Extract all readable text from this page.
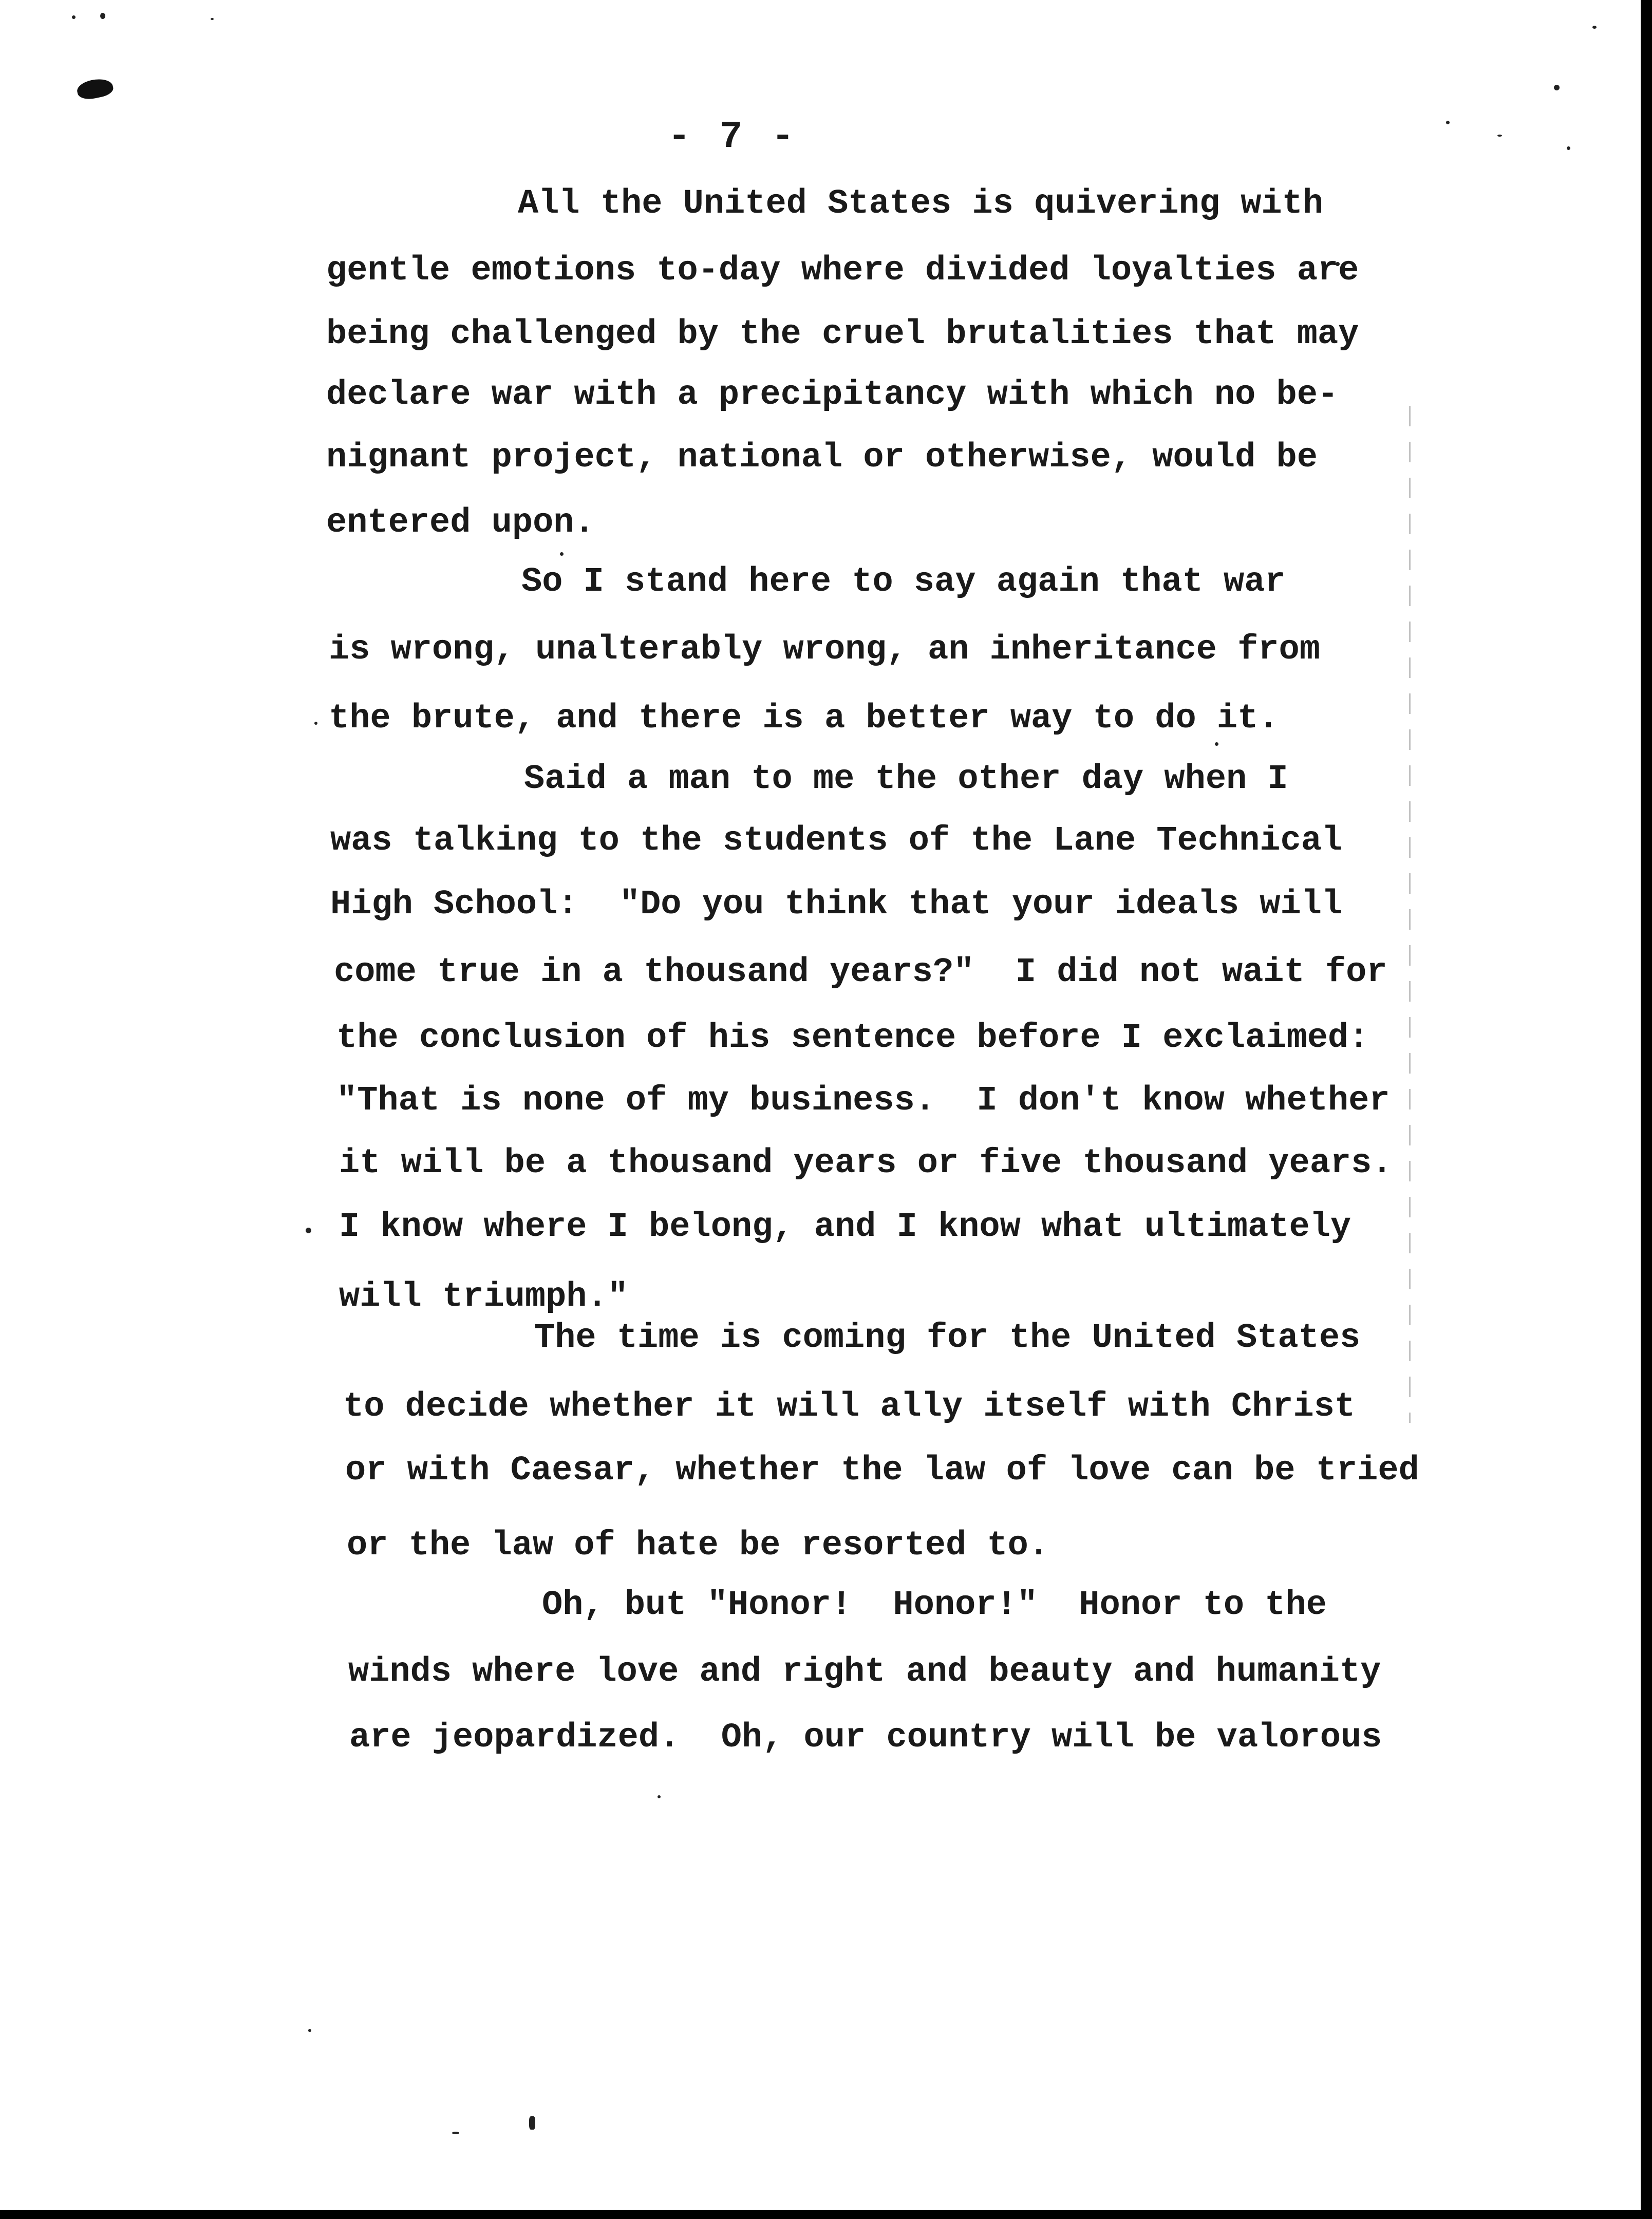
- 7 -
All the United States is quivering with
gentle emotions to-day where divided loyalties are
being challenged by the cruel brutalities that may
declare war with a precipitancy with which no be-
nignant project, national or otherwise, would be
entered upon.
So I stand here to say again that war
is wrong, unalterably wrong, an inheritance from
the brute, and there is a better way to do it.
Said a man to me the other day when I
was talking to the students of the Lane Technical
High School:  "Do you think that your ideals will
come true in a thousand years?"  I did not wait for
the conclusion of his sentence before I exclaimed:
"That is none of my business.  I don't know whether
it will be a thousand years or five thousand years.
I know where I belong, and I know what ultimately
will triumph."
The time is coming for the United States
to decide whether it will ally itself with Christ
or with Caesar, whether the law of love can be tried
or the law of hate be resorted to.
Oh, but "Honor!  Honor!"  Honor to the
winds where love and right and beauty and humanity
are jeopardized.  Oh, our country will be valorous
